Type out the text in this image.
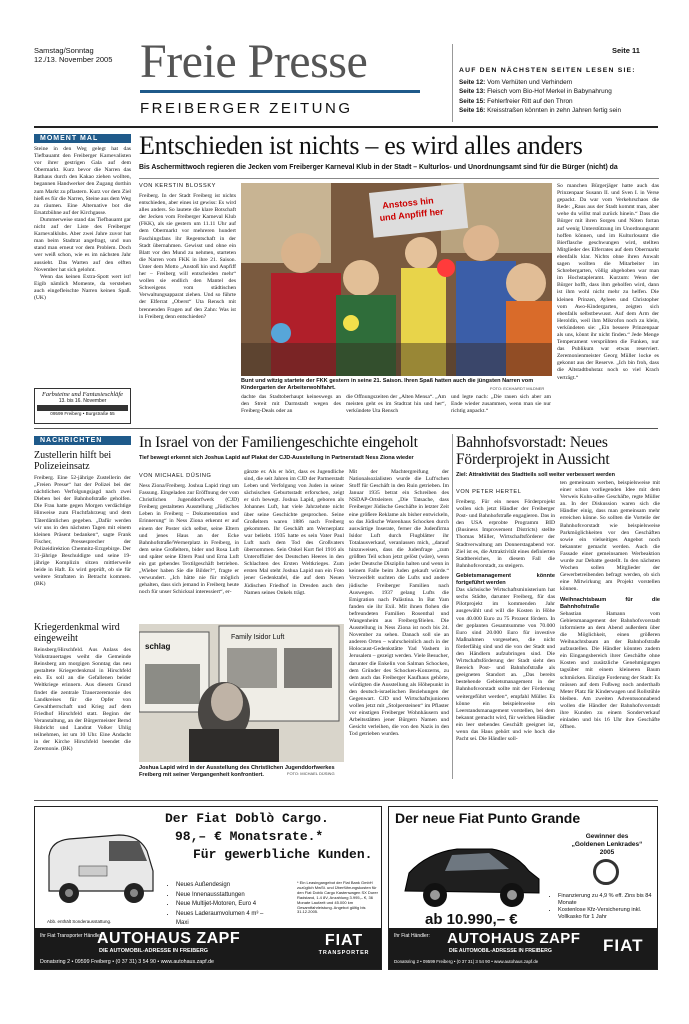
Samstag/Sonntag
12./13. November 2005 Freie Presse
FREIBERGER ZEITUNG
Seite 11
AUF DEN NÄCHSTEN SEITEN LESEN SIE:
Seite 12: Vom Verhüten und Verhindern
Seite 13: Fleisch vom Bio-Hof Merkel in Babynahrung
Seite 15: Fehlerfreier Ritt auf den Thron
Seite 16: Kreisstraßen könnten in zehn Jahren fertig sein
MOMENT MAL

Steine in den Weg gelegt hat das Tiefbauamt den Freiberger Karnevalisten vor ihrer gestrigen Gala auf dem Obermarkt. Kurz bevor die Narren das Rathaus durch den Kakao ziehen wollten, begannen Handwerker den Zugang dorthin zum Markt zu pflastern. Kurz vor dem Ziel hieß es für die Narren, Steine aus dem Weg zu räumen. Eine Alternative bot die Ersatzbühne auf der Kirchgasse.

Dummerweise stand das Tiefbauamt gar nicht auf der Liste des Freiberger Karnevalklubs. Aber zwei Jahre zuvor hat man beim Stadtrat angefragt, und nun stand man erneut vor dem Problem. Doch wer weiß schon, wie es im nächsten Jahr aussieht. Das Warten auf den elften November hat sich gelohnt.

Wenn das keinen Extra-Spott wert ist! Eigib nämlich Momente, da verstehen auch eingefleischte Narren keinen Spaß. (UK)

Farbsteine und Fantasieschläfe
13. bis 16. November

09599 Freiberg • Burgstraße 55
Entschieden ist nichts – es wird alles anders
Bis Aschermittwoch regieren die Jecken vom Freiberger Karneval Klub in der Stadt – Kulturlos- und Unordnungsamt sind für die Bürger (nicht) da
VON KERSTIN BLOSSKY
Freiberg. In der Stadt Freiberg ist nichts entschieden, aber eines ist gewiss: Es wird alles anders. So lautete die klare Botschaft der Jecken vom Freiberger Karneval Klub (FKK), als sie gestern um 11.11 Uhr auf dem Obermarkt vor mehreren hundert Faschingsfans ihr Regentschaft in der Stadt übernahmen. Gewisst und ohne ein Blatt vor den Mund zu nehmen, starteten die Narren vom FKK in ihre 21. Saison. Unter dem Motto „Anstoß hin und Anpfiff her – Freiberg will entscheiden mehr“ wollen sie endlich den Mantel des Schweigens vom städtischen Verwaltungsapparat ziehen. Und so führte der Elferrat „Oberst“ Uta Rensch mit brennenden Fragen auf den Zahn: Was ist in Freiberg denn entschieden?
Anstoss hin
und Anpfiff her
Bunt und witzig startete der FKK gestern in seine 21. Saison. Ihren Spaß hatten auch die jüngsten Narren vom Kindergarten der Arbeiterwohlfahrt.	FOTO: ECKHARDT MILDNER
dachte das Stadtoberhaupt keineswegs an den Streit mit Darmstadt wegen des Freiberg-Deals oder an
die Öffnungszeiten der „Alten Mensa“. „Am meisten geht es im Stadtrat hin und her“, verkündete Uta Rensch
und legte nach: „Die rauen sich aber am Ende wieder zusammen, wenn man sie nur richtig anpackt.“
So manchen Bürgerjäger hatte auch das Prinzenpaar Susann II. und Sven I. in Verse gepackt. Da war vom Verkehrschaos die Rede: „Raus aus der Stadt kommt man, aber wehe du willst mal zurück hinein.“ Dass die Bürger mit ihren Sorgen und Nöten fortan auf wenig Unterstützung im Unordnungsamt hoffen können, und im Kulturlosamt die Bierflasche geschwungen wird, stellten Mitglieder des Elferrates auf dem Obermarkt ebenfalls klar. Nichts ohne ihren Anwalt sagen wollten die Mitarbeiter im Schrebergarten, völlig abgehoben war man im Hochstapleramt. Kurzum: Wenn der Bürger hofft, dass ihm geholfen wird, dann ist ihm wohl nicht mehr zu helfen. Die kleinen Prinzen, Ayleen und Christopher vom Awo-Kindergarten, zeigten sich ebenfalls selbstbewusst. Auf dem Arm der Heroldin, weil ihm Mikrofon noch zu klein, verkündeten sie: „Ein bessere Prinzenpaar als uns, könnt ihr nicht finden.“ Jede Menge Temperament versprühten die Funken, nur das Publikum war etwas reserviert. Zeremonienmeister Georg Müller locke es gekonnt aus der Reserve. „Ich bin froh, dass die Altstadtbuhstaz noch so viel Krach verträgt.“
NACHRICHTEN
Zustellerin hilft bei Polizeieinsatz
Freiberg. Eine 52-jährige Zustellerin der „Freien Presse“ hat der Polizei bei der nächtlichen Verfolgungsjagd nach zwei Dieben bei der Bahnhofstraße geholfen. Die Frau hatte gegen Morgen verdächtige Hinweise zum Fluchtfahrzeug und dem Täterdämlichen gegeben. „Dafür werden wir uns in den nächsten Tagen mit einem kleinen Präsent bedanken“, sagte Frank Fischer, Pressesprecher der Polizeidirektion Chemnitz-Erzgebirge. Der 31-jährige Beschuldigte und seine 19-jährige Komplizin sitzen mittlerweile beide in Haft. Es wird geprüft, ob sie für weitere Straftaten in Betracht kommen. (BK)
Kriegerdenkmal wird eingeweiht
Reinsberg/Hirschfeld. Aus Anlass des Volkstrauertages weiht die Gemeinde Reinsberg am morgigen Sonntag das neu gestaltete Kriegerdenkmal in Hirschfeld ein. Es soll an die Gefallenen beider Weltkriege erinnern. Aus diesem Grund findet die zentrale Trauerzeremonie des Landkreises für die Opfer von Gewaltherrschaft und Krieg auf dem Friedhof Hirschfeld statt. Beginn der Veranstaltung, an der Bürgermeister Bernd Hubricht und Landrat Volker Uhlig teilnehmen, ist um 10 Uhr. Eine Andacht in der Kirche Hirschfeld beendet die Zeremonie. (BK)
In Israel von der Familiengeschichte eingeholt
Tief bewegt erkennt sich Joshua Lapid auf Plakat der CJD-Ausstellung in Partnerstadt Ness Ziona wieder
VON MICHAEL DÜSING
Ness Ziona/Freiberg. Joshua Lapid ringt um Fassung. Eingeladen zur Eröffnung der vom Christlichen Jugenddorfwerk (CJD) Freiberg gestalteten Ausstellung „Jüdisches Leben in Freiberg – Dokumentation und Erinnerung“ in Ness Ziona erkennt er auf einem der Poster sich selbst, seine Eltern und jenes Haus an der Ecke Bahnhofstraße/Wernerplatz in Freiberg, in dem seine Großeltern, bider und Rosa Luft und später seine Eltern Paul und Erna Luft ein gut gehendes Textilgeschäft betrieben. „Wieber haben Sie die Bilder?“, fragte er verwundert. „Ich hätte nie für möglich gehalten, dass sich jemand in Freiberg heute noch für unser Schicksal interessiert“, er-
gänzte er. Als er hört, dass es Jugendliche sind, die seit Jahren im CJD der Partnerstadt Leben und Verfolgung von Juden in seiner sächsischen Geburtsstadt erforschen, zeigt er sich bewegt. Joshua Lapid, geboren als Johannes Luft, hat viele Jahrzehnte nicht über seine Geschichte gesprochen. Seine Großeltern waren 1886 nach Freiberg gekommen. Ihr Geschäft am Wernerplatz war beliebt. 1935 hatte es sein Vater Paul Luft nach dem Tod des Großvaters übernommen. Sein Onkel Kurt fiel 1916 als Unteroffizier des Deutschen Heeres in den Schlachten des Ersten Weltkrieges. Zum ersten Mal steht Joshua Lapid nun ein Foto jener Gedenktafel, die auf dem Neuen Jüdischen Friedhof in Dresden auch den Namen seines Onkels trägt.
Mit der Machtergreifung der Nationalsozialisten wurde die Luft'schen Stoff für Geschäft in den Ruin getrieben. Im Januar 1935 betrat ein Schreiben des NSDAP-Ortsleiters „Die Tatsache, dass Freiberger Jüdische Geschäfte in letzter Zeit eine größere Reklame als bisher entwickeln, so das Jüdische Warenhaus Schocken durch auswärtige Inserate, ferner die Judenfirma Isidor Luft durch Flugblätter ihr Totalausverkauf, veranlassen mich, „darauf hinzuweisen, dass die Judenfrage „zum größten Teil schon jetzt gelöst (wäre), wenn jeder Deutsche Disziplin halten und wenn in keinem Falle beim Juden gekauft würde.“ Verzweifelt suchten die Lufts und andere jüdische Freiberger Familien nach Auswegen. 1937 gelang Lufts die Emigration nach Palästina. In Bat Yam fanden sie ihr Exil. Mit ihnen flohen die befreundeten Familien Rosenthal und Wangenheim aus Freiberg/Bielen. Die Ausstellung in Ness Ziona ist noch bis 24. November zu sehen. Danach soll sie an anderen Orten – wahrscheinlich auch in der Holocaust-Gedenkstätte Yad Vashem in Jerusalem – gezeigt werden. Viele Besucher, darunter die Enkelin von Salman Schocken, dem Gründer des Schocken-Konzerns, zu dem auch das Freiberger Kaufhaus gehörte, würdigten die Ausstellung als Höhepunkt in den deutsch-israelischen Beziehungen der Gegenwart. CJD und Wirtschaftsjunioren wollen jetzt mit „Stolpersteinen“ im Pflaster vor einstigen Freiberger Wohnhäusern und Arbeitsstätten jener Bürgern Namen und Gesicht verleihen, die von den Nazis in den Tod getrieben wurden.
schlag
Family Isidor Luft
Joshua Lapid wird in der Ausstellung des Christlichen Jugenddorfwerkes Freiberg mit seiner Vergangenheit konfrontiert.	FOTO: MICHAEL DÜSING
Bahnhofsvorstadt: Neues Förderprojekt in Aussicht
Ziel: Attraktivität des Stadtteils soll weiter verbessert werden
VON PETER HERTEL

Freiberg. Für ein neues Förderprojekt wollen sich jetzt Händler der Freiberger Post- und Bahnhofstraße engagieren. Das in den USA erprobte Programm BID (Business Improvement Districts) stellte Thomas Müller, Wirtschaftsförderer der Stadtverwaltung am Donnerstagabend vor. Ziel ist es, die Attraktivität eines definierten Stadtbereiches, in diesem Fall die Bahnhofsvorstadt, zu steigern.

Gebietsmanagement könnte fortgeführt werden

Das sächsische Wirtschaftsministerium hat sechs Städte, darunter Freiberg, für das Pilotprojekt im kommenden Jahr ausgewählt und will die Kosten in Höhe von 40.000 Euro zu 75 Prozent fördern. In der geplanten Gesamtsumme von 70.000 Euro sind 20.000 Euro für investive Maßnahmen vorgesehen, die nicht förderfähig sind und die von der Stadt und den Händlern aufzubringen sind. Die Wirtschaftsförderung der Stadt sieht den Bereich Post- und Bahnhofstraße als geeigneten Standort an. „Das bereits bestehende Gebietsmanagement in der Bahnhofsvorstadt sollte mit der Förderung weitergeführt werden“, empfahl Müller. Es könne ein beispielsweise ein Leerstandsmanagement vorstellen, bei dem bekannt gemacht wird, für welchen Händler ein leer stehendes Geschäft geeignet ist, wenn das Haus gehört und wie hoch die Pacht sei. Die Händler soll-

ten gemeinsam werben, beispielsweise mit einer schon vorliegenden Idee mit dem Verweis Kuhn-allee Geschäfte, regte Müller an. In der Diskussion waren sich die Händler einig, dass man gemeinsam mehr erreichen könne. So sollten die Vorteile der Bahnhofsvorstadt wie beispielsweise Parkmöglichkeiten vor den Geschäften sowie ein vielseitiges Angebot noch bekannter gemacht werden. Auch die Fassade einer gemeinsamen Werbeaktion wurde zur Debatte gestellt. In den nächsten Wochen sollen Mitglieder der Gewerbetreibenden befragt werden, ob sich eine Mitwirkung am Projekt vorstellen können.

Weihnachtsbaum für die Bahnhofstraße

Sebastian Hamann vom Gebietsmanagement der Bahnhofsvorstadt informierte an dem Abend außerdem über die Möglichkeit, einen größeren Weihnachtsbaum an der Bahnhofstraße aufzustellen. Die Händler könnten zudem ein Eingangsbereich ihrer Geschäfte ohne Kosten und zusätzliche Genehmigungen tagsüber mit einem kleineren Baum schmücken. Einzige Forderung der Stadt: Es müssen auf dem Fußweg noch anderthalb Meter Platz für Kinderwagen und Rollstühle bleiben. Am zweiten Adventssonnabend wollen die Händler der Bahnhofsvorstadt ihre Kunden zu einem Sonderverkauf einladen und bis 16 Uhr ihre Geschäfte öffnen.

Der Fiat Doblò Cargo.
98,– € Monatsrate.*
Für gewerbliche Kunden.
Abb. enthält Sonderausstattung.
• Neues Außendesign
• Neue Innenausstattungen
• Neue Multijet-Motoren, Euro 4
• Neues Laderaumvolumen 4 m³ – Maxi
* Ein Leasingangebot der Fiat Bank GmbH zuzüglich MwSt. und Überführungskosten für den Fiat Doblò Cargo Kastenwagen SX Durer Radstand, 1.4 8V, Anzahlung 3.995,– €, 36 Monate Laufzeit und 45.000 km Gesamtfahrleistung. Angebot gültig bis 31.12.2005.
Ihr Fiat Transporter Händler:
AUTOHAUS ZAPF
DIE AUTOMOBIL-ADRESSE IN FREIBERG
Donatsring 2 • 09599 Freiberg • (0 37 31) 3 54 90 • www.autohaus.zapf.de
FIAT
TRANSPORTER
Der neue Fiat Punto Grande
Gewinner des
„Goldenen Lenkrades“
2005
ab 10.990,– €
• Finanzierung zu 4,9 % eff. Zins bis 84 Monate
• Kostenlose Kfz-Versicherung inkl. Vollkasko für 1 Jahr
Ihr Fiat Händler: AUTOHAUS ZAPF
DIE AUTOMOBIL-ADRESSE IN FREIBERG
Donatsring 2 • 09599 Freiberg • (0 37 31) 3 54 90 • www.autohaus.zapf.de
FIAT
